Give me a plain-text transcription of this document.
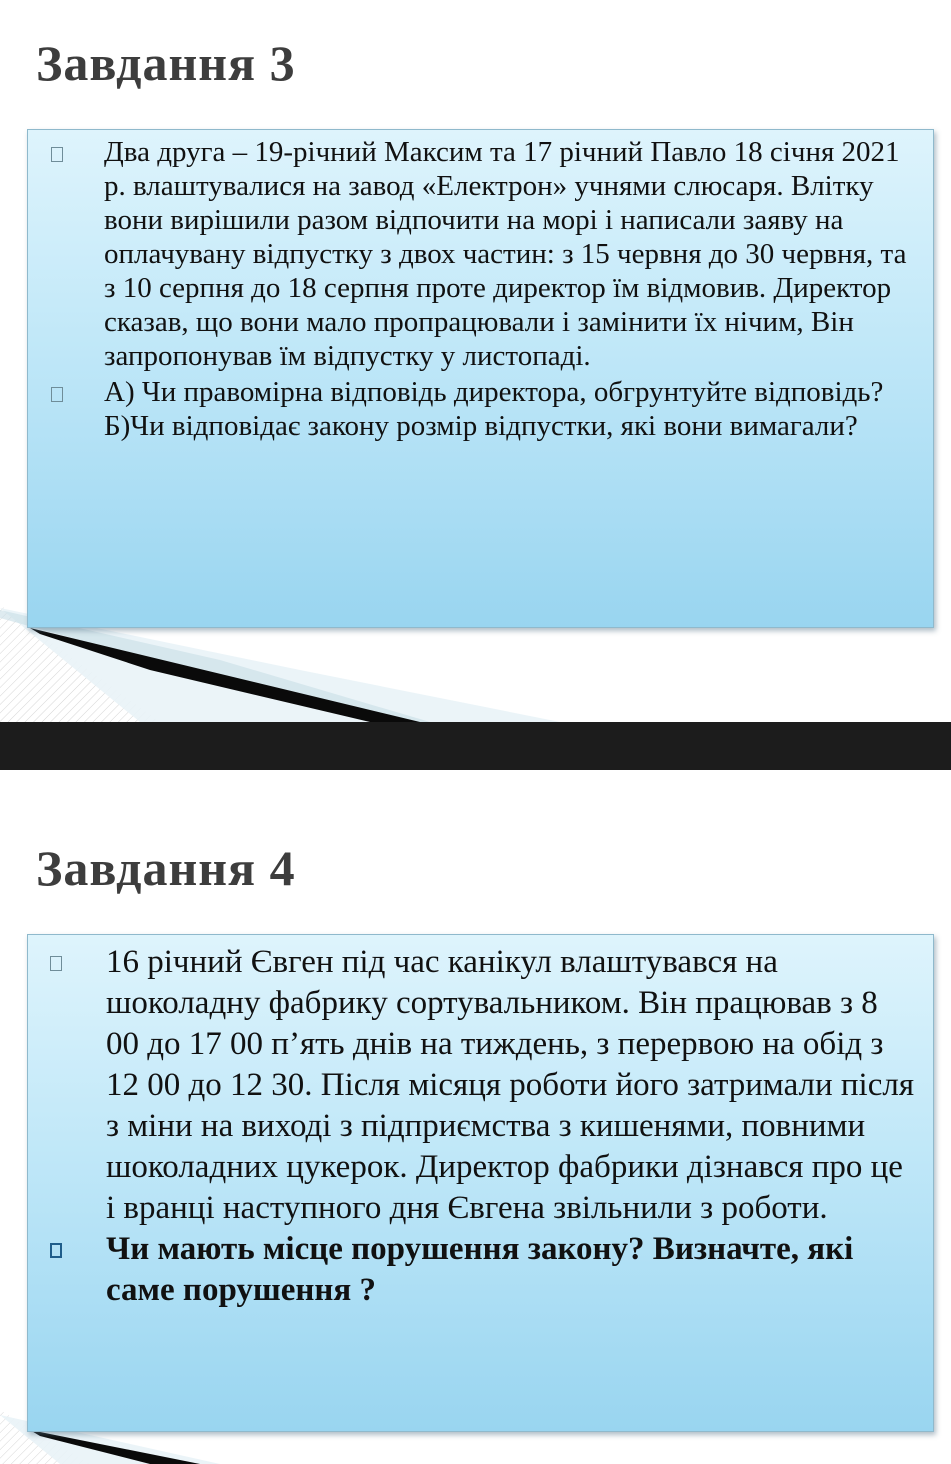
Завдання 3
Два друга – 19-річний Максим та 17 річний Павло 18 січня 2021 р. влаштувалися на завод «Електрон» учнями слюсаря. Влітку вони вирішили разом відпочити на морі і написали заяву на оплачувану відпустку з двох частин: з 15 червня до 30 червня, та з 10 серпня до 18 серпня проте директор їм відмовив. Директор сказав, що вони мало пропрацювали і замінити їх нічим, Він запропонував їм відпустку у листопаді.
А) Чи правомірна відповідь директора, обгрунтуйте відповідь? Б)Чи відповідає закону розмір відпустки, які вони вимагали?
Завдання 4
16 річний Євген під час канікул влаштувався на шоколадну фабрику сортувальником. Він працював з 8 00 до 17 00 п’ять днів на тиждень, з перервою на обід з 12 00 до 12 30. Після місяця роботи його затримали після з міни на виході з підприємства з кишенями, повними шоколадних цукерок. Директор фабрики дізнався про це і вранці наступного дня Євгена звільнили з роботи.
Чи мають місце порушення закону? Визначте, які саме порушення ?
